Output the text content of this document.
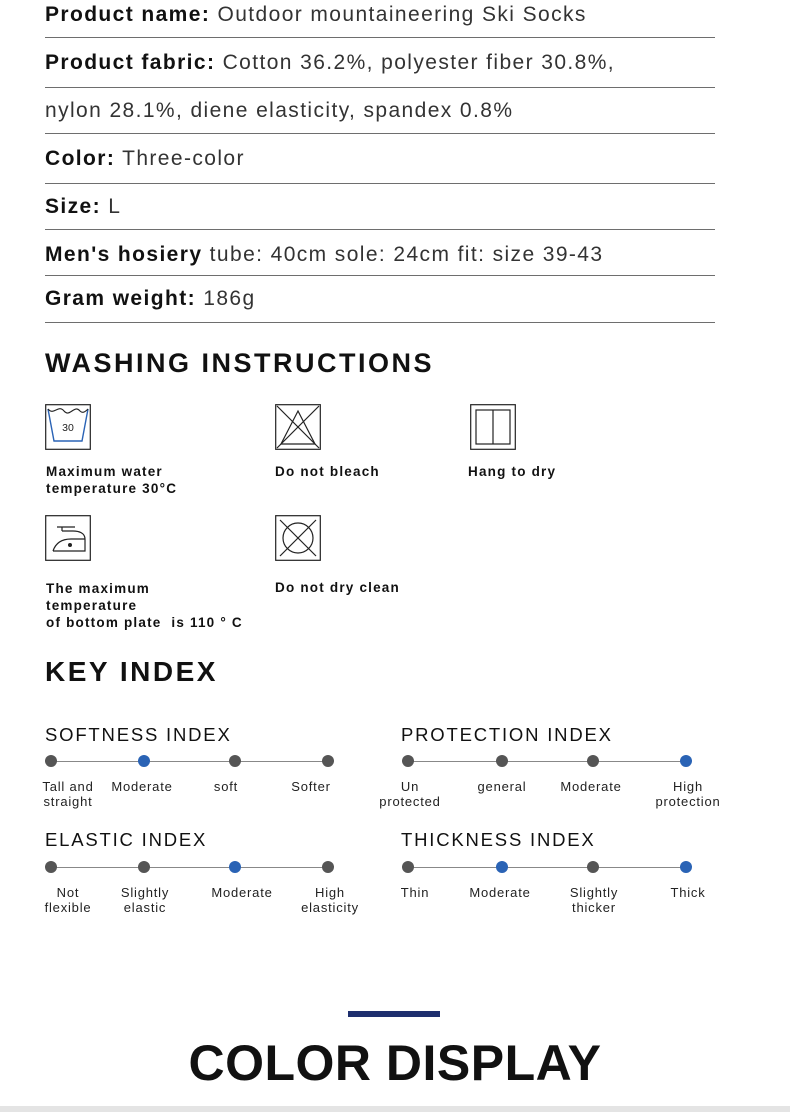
Product name: Outdoor mountaineering Ski Socks
Product fabric: Cotton 36.2%, polyester fiber 30.8%,
nylon 28.1%, diene elasticity, spandex 0.8%
Color: Three-color
Size: L
Men's hosiery tube: 40cm sole: 24cm fit: size 39-43
Gram weight: 186g
WASHING INSTRUCTIONS
30
Maximum water
temperature 30°C
Do not bleach	Hang to dry
The maximum
temperature
of bottom plate  is 110 ° C
Do not dry clean
KEY INDEX
SOFTNESS INDEX
Tall and
straight
Moderate	soft	Softer
PROTECTION INDEX
Un
protected
general	Moderate	High
protection
ELASTIC INDEX
Not
flexible
Slightly
elastic
Moderate	High
elasticity
THICKNESS INDEX
Thin	Moderate	Slightly
thicker
Thick
COLOR DISPLAY
